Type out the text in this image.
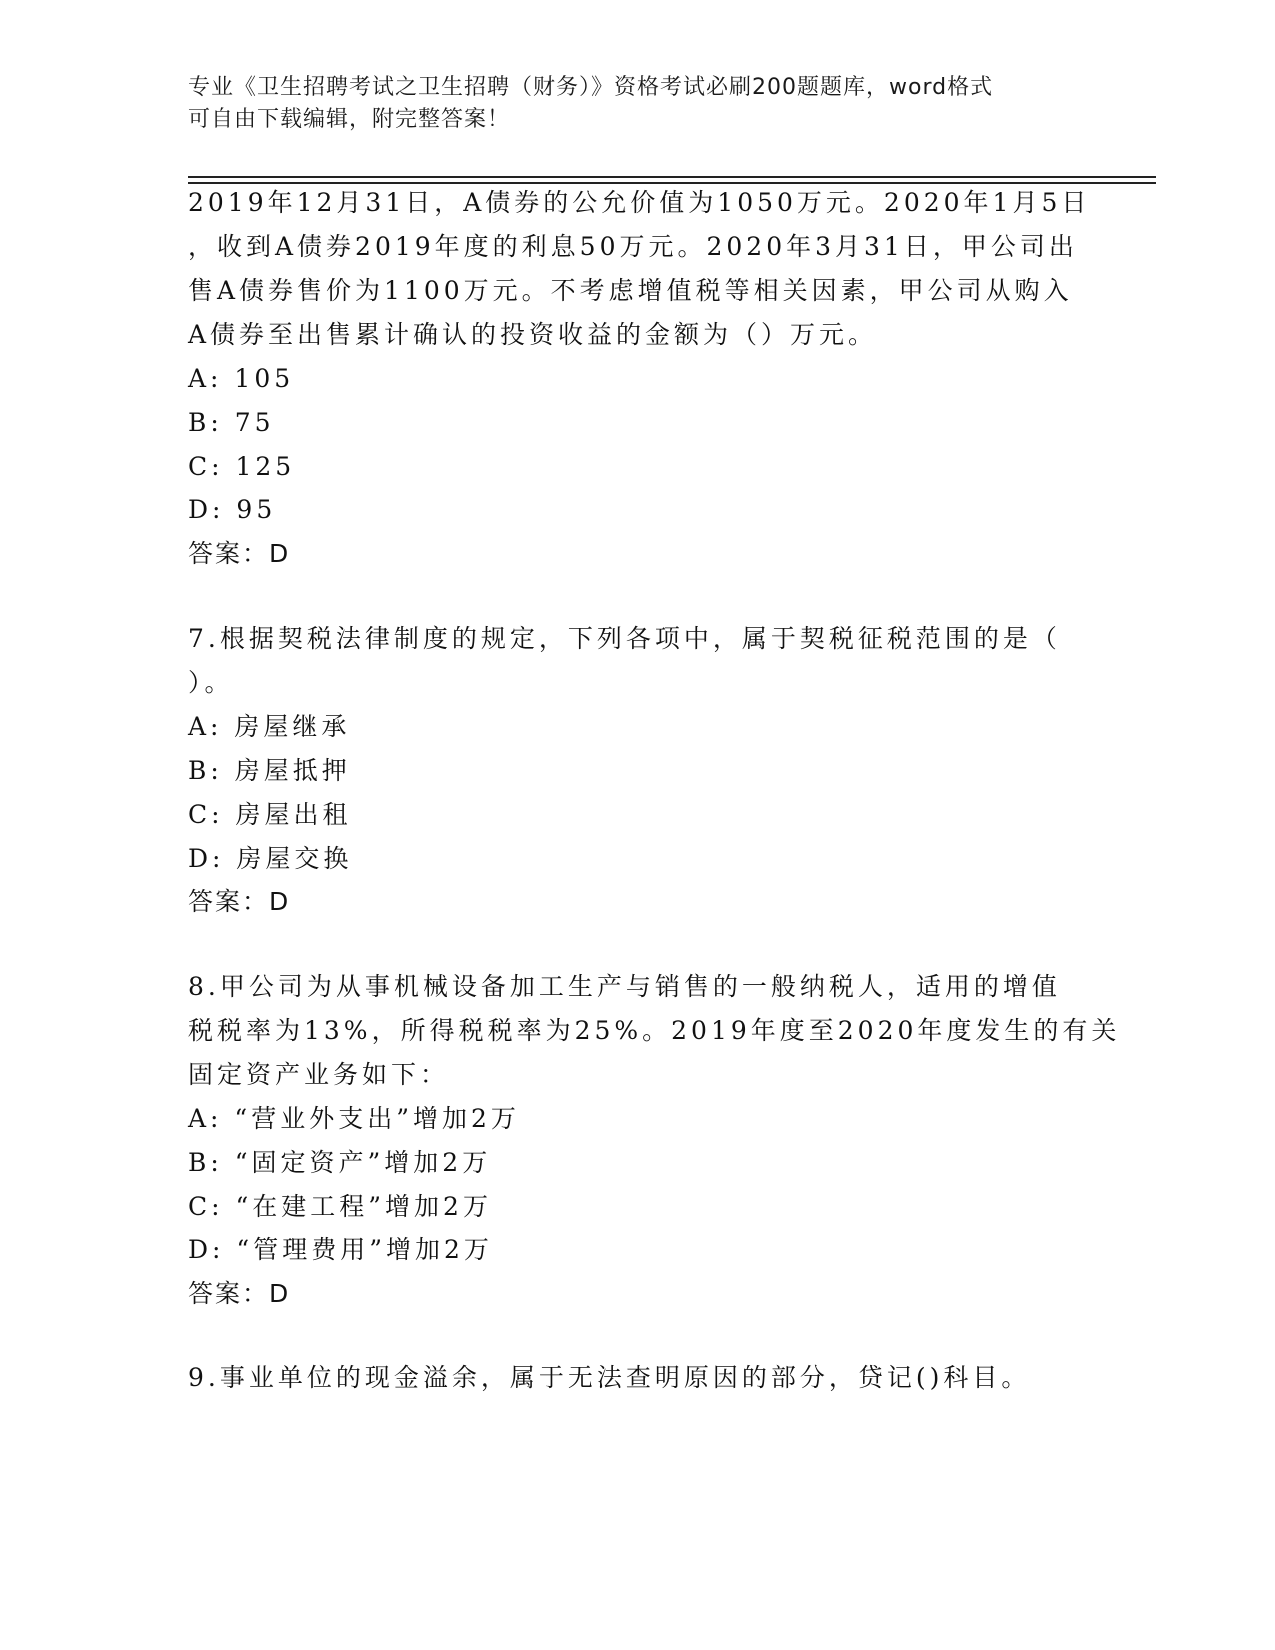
专业《卫生招聘考试之卫生招聘（财务）》资格考试必刷200题题库，word格式
可自由下载编辑，附完整答案！
2019年12月31日，A债券的公允价值为1050万元。2020年1月5日
，收到A债券2019年度的利息50万元。2020年3月31日，甲公司出
售A债券售价为1100万元。不考虑增值税等相关因素，甲公司从购入
A债券至出售累计确认的投资收益的金额为（）万元。
A: 105
B: 75
C: 125
D: 95
答案：D
7.根据契税法律制度的规定，下列各项中，属于契税征税范围的是（
）。
A: 房屋继承
B: 房屋抵押
C: 房屋出租
D: 房屋交换
答案：D
8.甲公司为从事机械设备加工生产与销售的一般纳税人，适用的增值
税税率为13%，所得税税率为25%。2019年度至2020年度发生的有关
固定资产业务如下：
A: “营业外支出”增加2万
B: “固定资产”增加2万
C: “在建工程”增加2万
D: “管理费用”增加2万
答案：D
9.事业单位的现金溢余，属于无法查明原因的部分，贷记()科目。
